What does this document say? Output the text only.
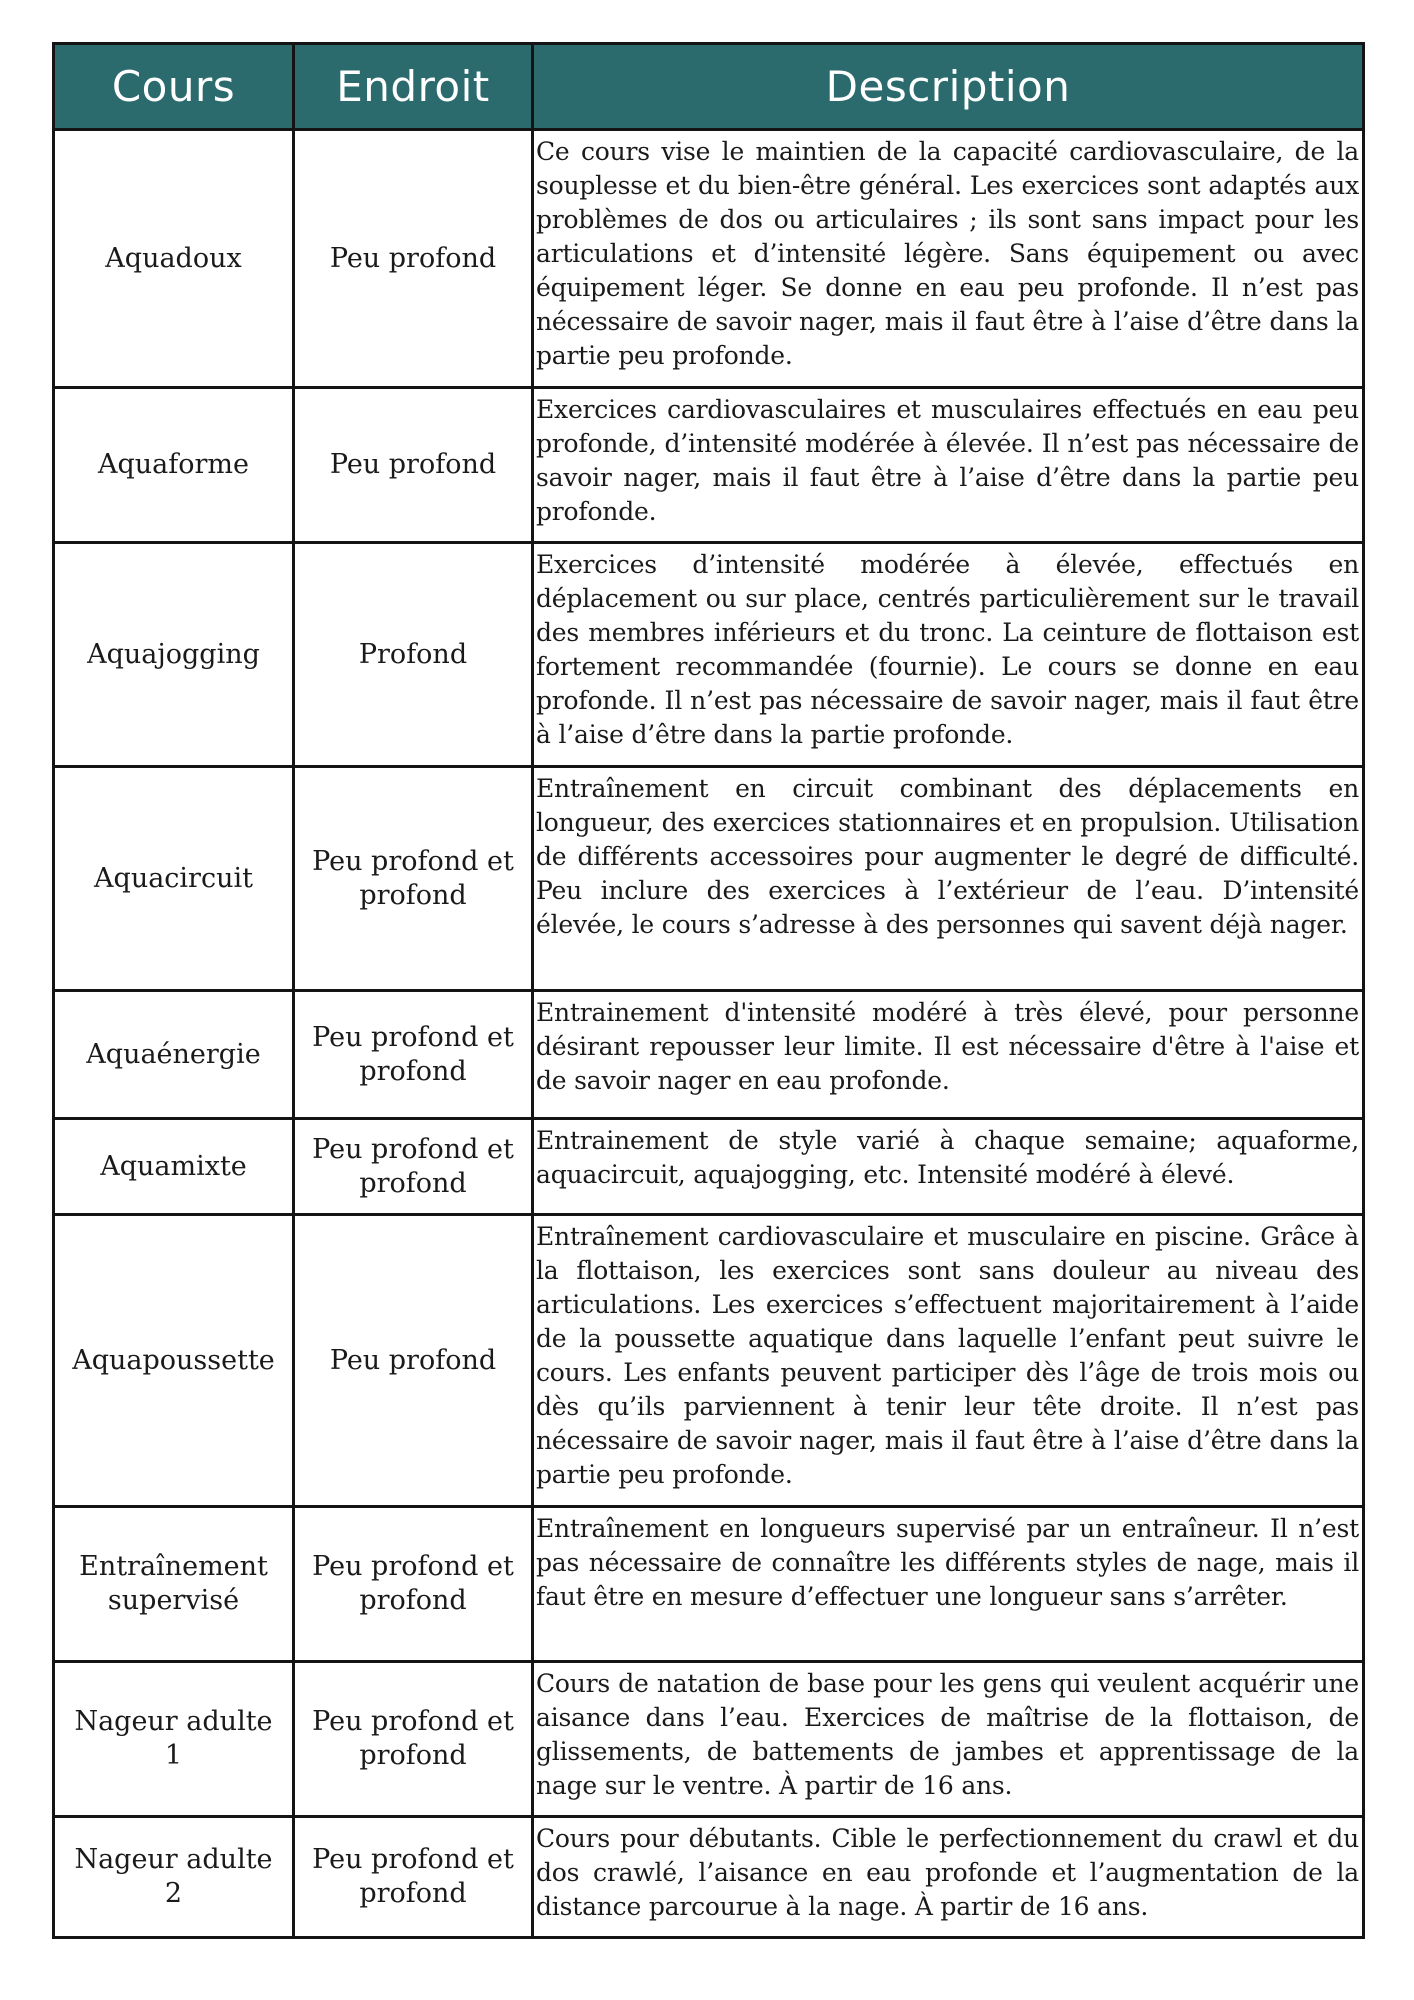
Cours	Endroit	Description
Aquadoux	Peu profond	Ce cours vise le maintien de la capacité cardiovasculaire, de la souplesse et du bien-être général. Les exercices sont adaptés aux problèmes de dos ou articulaires ; ils sont sans impact pour les articulations et d’intensité légère. Sans équipement ou avec équipement léger. Se donne en eau peu profonde. Il n’est pas nécessaire de savoir nager, mais il faut être à l’aise d’être dans la partie peu profonde.
Aquaforme	Peu profond	Exercices cardiovasculaires et musculaires effectués en eau peu profonde, d’intensité modérée à élevée. Il n’est pas nécessaire de savoir nager, mais il faut être à l’aise d’être dans la partie peu profonde.
Aquajogging	Profond	Exercices d’intensité modérée à élevée, effectués en déplacement ou sur place, centrés particulièrement sur le travail des membres inférieurs et du tronc. La ceinture de flottaison est fortement recommandée (fournie). Le cours se donne en eau profonde. Il n’est pas nécessaire de savoir nager, mais il faut être à l’aise d’être dans la partie profonde.
Aquacircuit	Peu profond et profond	Entraînement en circuit combinant des déplacements en longueur, des exercices stationnaires et en propulsion. Utilisation de différents accessoires pour augmenter le degré de difficulté. Peu inclure des exercices à l’extérieur de l’eau. D’intensité élevée, le cours s’adresse à des personnes qui savent déjà nager.
Aquaénergie	Peu profond et profond	Entrainement d'intensité modéré à très élevé, pour personne désirant repousser leur limite. Il est nécessaire d'être à l'aise et de savoir nager en eau profonde.
Aquamixte	Peu profond et profond	Entrainement de style varié à chaque semaine; aquaforme, aquacircuit, aquajogging, etc. Intensité modéré à élevé.
Aquapoussette	Peu profond	Entraînement cardiovasculaire et musculaire en piscine. Grâce à la flottaison, les exercices sont sans douleur au niveau des articulations. Les exercices s’effectuent majoritairement à l’aide de la poussette aquatique dans laquelle l’enfant peut suivre le cours. Les enfants peuvent participer dès l’âge de trois mois ou dès qu’ils parviennent à tenir leur tête droite. Il n’est pas nécessaire de savoir nager, mais il faut être à l’aise d’être dans la partie peu profonde.
Entraînement supervisé	Peu profond et profond	Entraînement en longueurs supervisé par un entraîneur. Il n’est pas nécessaire de connaître les différents styles de nage, mais il faut être en mesure d’effectuer une longueur sans s’arrêter.
Nageur adulte 1	Peu profond et profond	Cours de natation de base pour les gens qui veulent acquérir une aisance dans l’eau. Exercices de maîtrise de la flottaison, de glissements, de battements de jambes et apprentissage de la nage sur le ventre. À partir de 16 ans.
Nageur adulte 2	Peu profond et profond	Cours pour débutants. Cible le perfectionnement du crawl et du dos crawlé, l’aisance en eau profonde et l’augmentation de la distance parcourue à la nage. À partir de 16 ans.
